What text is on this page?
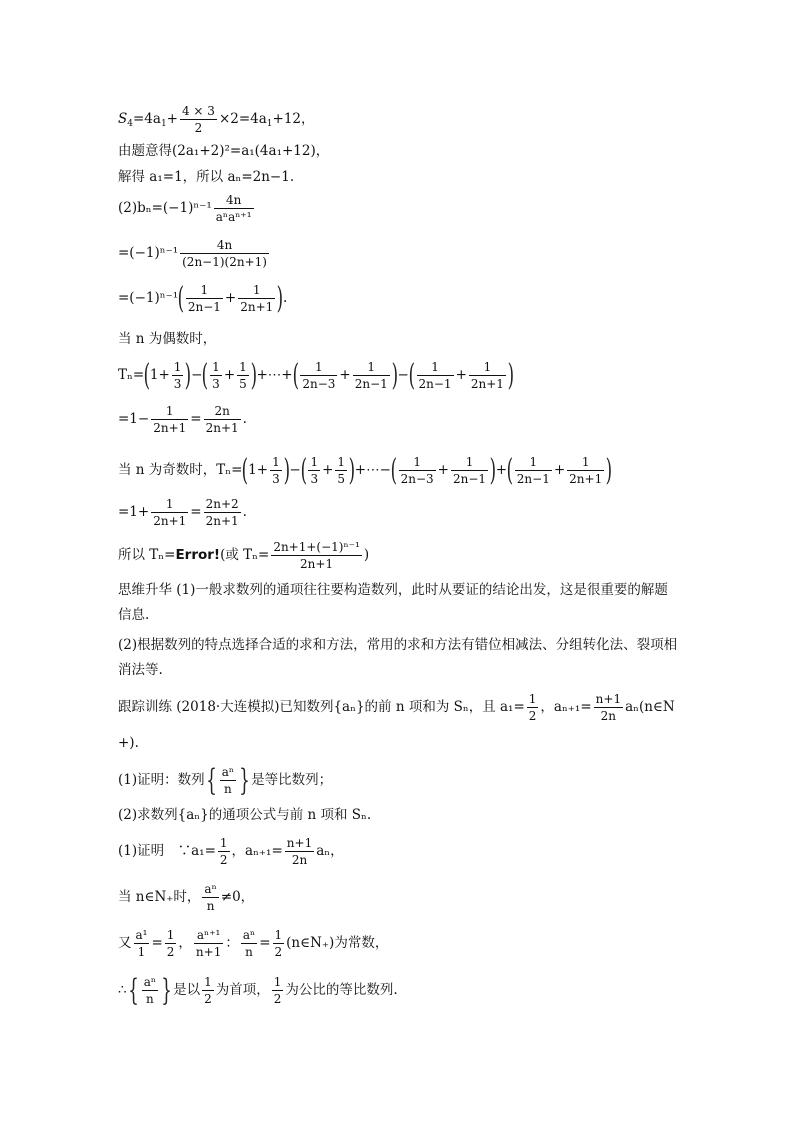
$S_4=4a_1+ \frac{4 \times 3}{2} \times 2=4a_1+12$，
由题意得(2a₁+2)²=a₁(4a₁+12)，
解得 a₁=1，所以 aₙ=2n−1.
$(2)b_n=(-1)^{n-1} \frac{4n}{\text{aⁿaⁿ⁺¹}}$
$=(-1)^{n-1} \frac{4n}{(2n-1)(2n+1)}$
$=(-1)^{n-1}( \frac{1}{2n-1} + \frac{1}{2n+1}$ ).
当 n 为偶数时，
$T_n=(1+ \frac{1}{3}$ )−( $\frac{1}{3} + \frac{1}{5}$ )+⋯+( $\frac{1}{2n-3} + \frac{1}{2n-1}$ )−( $\frac{1}{2n-1} + \frac{1}{2n+1}$ )
$=1- \frac{1}{2n+1} = \frac{2n}{2n+1}$ .
当 n 为奇数时，$T_n=(1+ \frac{1}{3}$ )−( $\frac{1}{3} + \frac{1}{5}$ )+⋯−( $\frac{1}{2n-3} + \frac{1}{2n-1}$ )+( $\frac{1}{2n-1} + \frac{1}{2n+1}$ )
$=1+ \frac{1}{2n+1} = \frac{2n+2}{2n+1}$ .
所以 Tₙ=Error!(或 $T_n= \frac{\text{2n+1+(−1)ⁿ⁻¹}}{2n+1}$ )
思维升华 (1)一般求数列的通项往往要构造数列，此时从要证的结论出发，这是很重要的解题信息.
(2)根据数列的特点选择合适的求和方法，常用的求和方法有错位相减法、分组转化法、裂项相消法等.
跟踪训练 (2018·大连模拟)已知数列{aₙ}的前 n 项和为 Sₙ，且 $a_1= \frac{1}{2}$ ，$a_{n+1}= \frac{n+1}{2n}$ aₙ(n∈N
+).
(1)证明：数列{ $\frac{\text{aⁿ}}{n}$ }是等比数列；
(2)求数列{aₙ}的通项公式与前 n 项和 Sₙ.
(1)证明　∵a₁= $\frac{1}{2}$ ，$a_{n+1}= \frac{n+1}{2n}$ aₙ，
当 n∈N₊时， $\frac{\text{aⁿ}}{n} \ne 0$，
又 $\frac{\text{a¹}}{1} = \frac{1}{2}$ ， $\frac{\text{aⁿ⁺¹}}{n+1}$ ： $\frac{\text{aⁿ}}{n} = \frac{1}{2}$ (n∈N₊)为常数，
∴{ $\frac{\text{aⁿ}}{n}$ }是以 $\frac{1}{2}$ 为首项， $\frac{1}{2}$ 为公比的等比数列.
